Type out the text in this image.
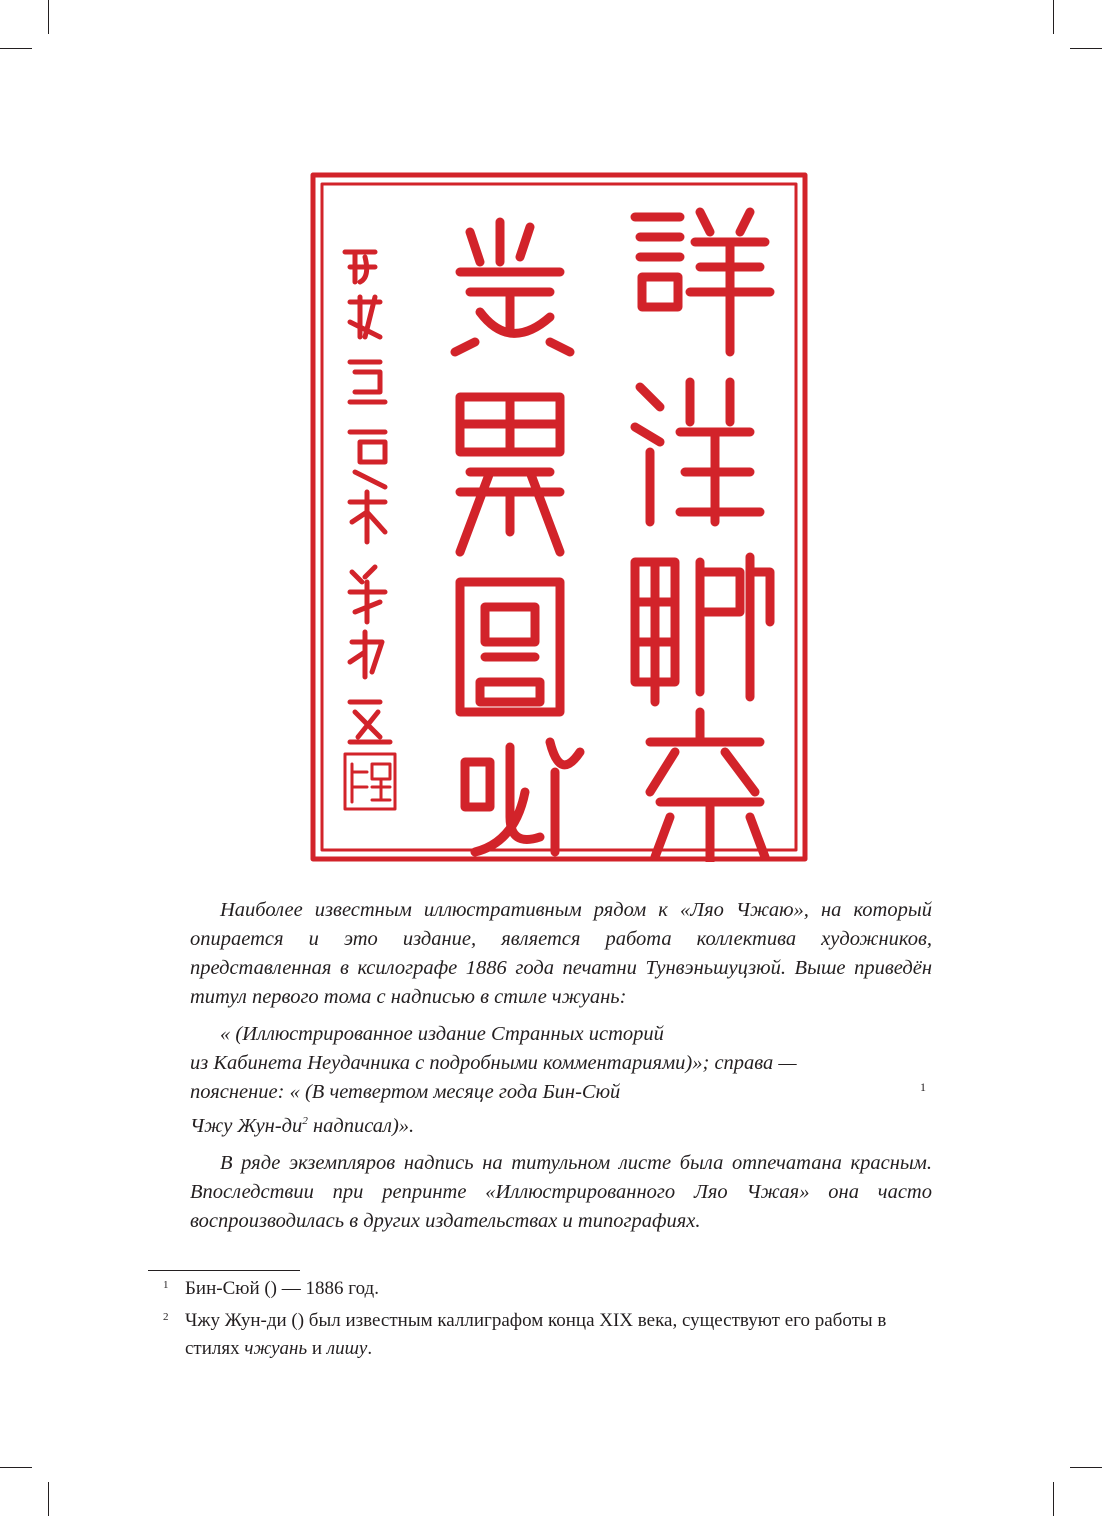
Наиболее известным иллюстративным рядом к «Ляо Чжаю», на который опирается и это издание, является работа коллектива художников, представленная в ксилографе 1886 года печатни Тунвэньшуцзюй. Выше приведён титул первого тома с надписью в стиле чжуань:

« (Иллюстрированное издание Странных историй

из Кабинета Неудачника с подробными комментариями)»; справа —

пояснение: « (В четвертом месяце года Бин-Сюй

Чжу Жун-ди$^2$ надписал)».

В ряде экземпляров надпись на титульном листе была отпечатана красным. Впоследствии при репринте «Иллюстрированного Ляо Чжая» она часто воспроизводилась в других издательствах и типографиях.

1
1 Бин-Сюй () — 1886 год.
2 Чжу Жун-ди () был известным каллиграфом конца XIX века, существуют его работы в стилях чжуань и лишу.
